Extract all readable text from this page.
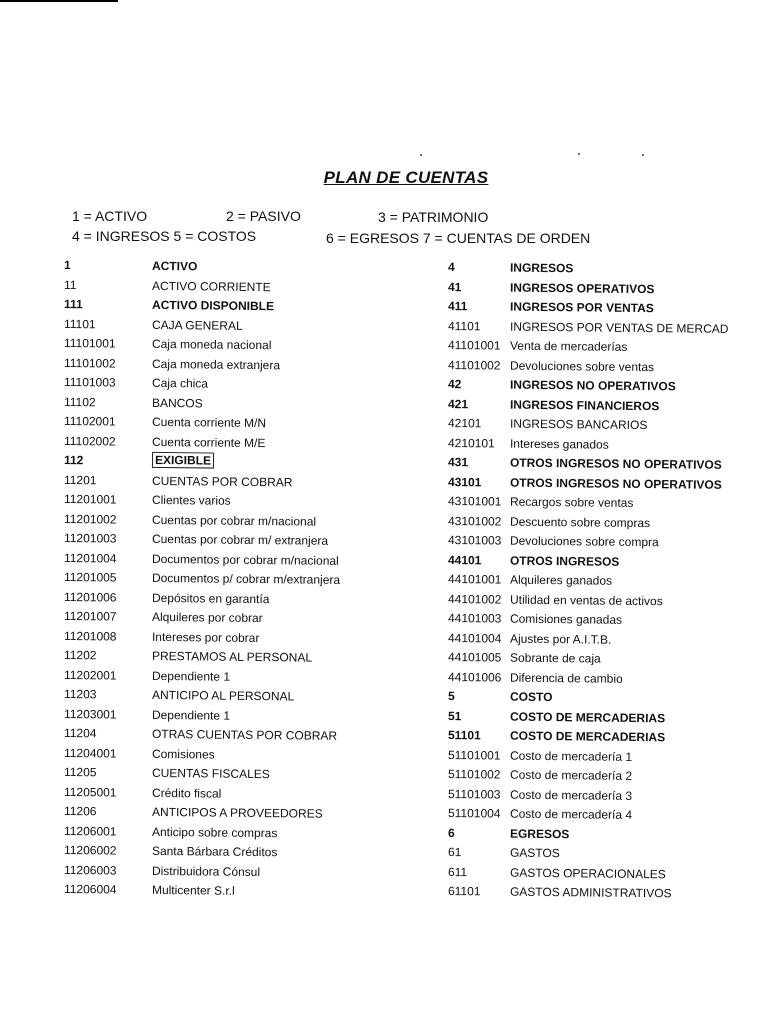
PLAN DE CUENTAS
1 = ACTIVO	2 = PASIVO	3 = PATRIMONIO
4 = INGRESOS 5 = COSTOS	6 = EGRESOS 7 = CUENTAS DE ORDEN
1	ACTIVO
11	ACTIVO CORRIENTE
111	ACTIVO DISPONIBLE
11101	CAJA GENERAL
11101001	Caja moneda nacional
11101002	Caja moneda extranjera
11101003	Caja chica
11102	BANCOS
11102001	Cuenta corriente M/N
11102002	Cuenta corriente M/E
112	EXIGIBLE
11201	CUENTAS POR COBRAR
11201001	Clientes varios
11201002	Cuentas por cobrar m/nacional
11201003	Cuentas por cobrar m/ extranjera
11201004	Documentos por cobrar m/nacional
11201005	Documentos p/ cobrar m/extranjera
11201006	Depósitos en garantía
11201007	Alquileres por cobrar
11201008	Intereses por cobrar
11202	PRESTAMOS AL PERSONAL
11202001	Dependiente 1
11203	ANTICIPO AL PERSONAL
11203001	Dependiente 1
11204	OTRAS CUENTAS POR COBRAR
11204001	Comisiones
11205	CUENTAS FISCALES
11205001	Crédito fiscal
11206	ANTICIPOS A PROVEEDORES
11206001	Anticipo sobre compras
11206002	Santa Bárbara Créditos
11206003	Distribuidora Cónsul
11206004	Multicenter S.r.l
4	INGRESOS
41	INGRESOS OPERATIVOS
411	INGRESOS POR VENTAS
41101 INGRESOS POR VENTAS DE MERCAD
41101001 Venta de mercaderías
41101002 Devoluciones sobre ventas
42	INGRESOS NO OPERATIVOS
421	INGRESOS FINANCIEROS
42101 INGRESOS BANCARIOS
4210101 Intereses ganados
431	OTROS INGRESOS NO OPERATIVOS
43101 OTROS INGRESOS NO OPERATIVOS
43101001 Recargos sobre ventas
43101002 Descuento sobre compras
43101003 Devoluciones sobre compra
44101 OTROS INGRESOS
44101001 Alquileres ganados
44101002 Utilidad en ventas de activos
44101003 Comisiones ganadas
44101004 Ajustes por A.I.T.B.
44101005 Sobrante de caja
44101006 Diferencia de cambio
5	COSTO
51	COSTO DE MERCADERIAS
51101 COSTO DE MERCADERIAS
51101001 Costo de mercadería 1
51101002 Costo de mercadería 2
51101003 Costo de mercadería 3
51101004 Costo de mercadería 4
6	EGRESOS
61	GASTOS
611	GASTOS OPERACIONALES
61101 GASTOS ADMINISTRATIVOS
